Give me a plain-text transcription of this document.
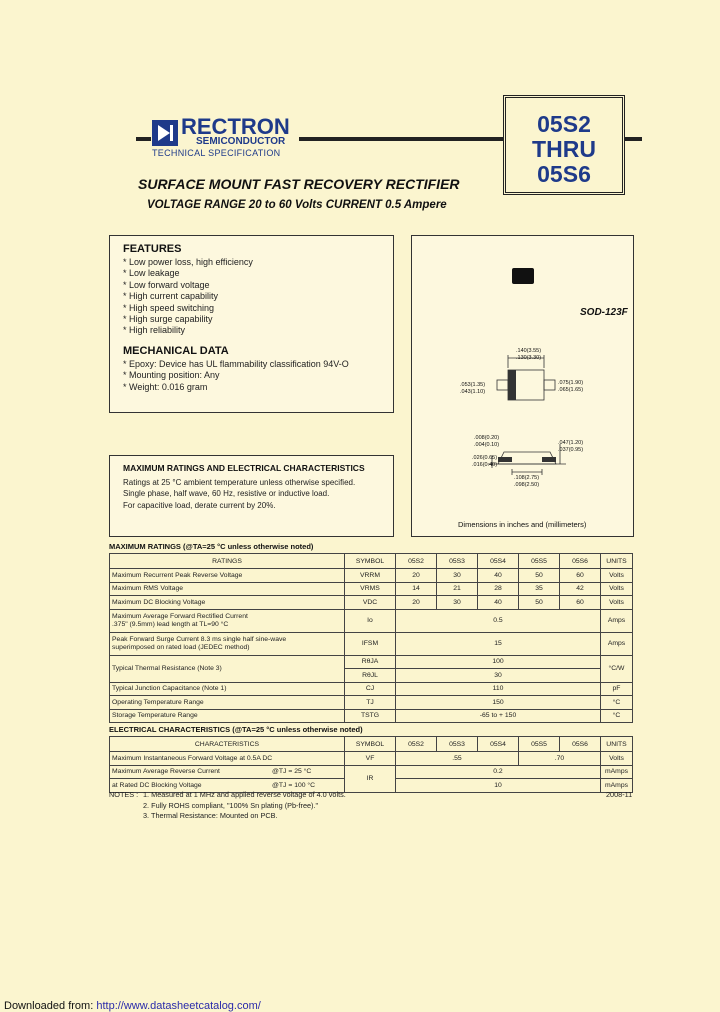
RECTRON
SEMICONDUCTOR
TECHNICAL SPECIFICATION
05S2
THRU
05S6
SURFACE MOUNT FAST RECOVERY RECTIFIER
VOLTAGE RANGE 20 to 60 Volts CURRENT 0.5 Ampere
FEATURES
* Low power loss, high efficiency
* Low leakage
* Low forward voltage
* High current capability
* High speed switching
* High surge capability
* High reliability
MECHANICAL DATA
* Epoxy: Device has UL flammability classification 94V-O
* Mounting position: Any
* Weight: 0.016 gram
MAXIMUM RATINGS AND ELECTRICAL CHARACTERISTICS
Ratings at 25 °C ambient temperature unless otherwise specified.
Single phase, half wave, 60 Hz, resistive or inductive load.
For capacitive load, derate current by 20%.
SOD-123F
.140(3.55)
.130(3.30)
.053(1.35)
.043(1.10)
.075(1.90)
.065(1.65)
.008(0.20)
.004(0.10)	.047(1.20)
.037(0.95)
.026(0.65)
.016(0.40)
.108(2.75)
.098(2.50)
Dimensions in inches and (millimeters)
MAXIMUM RATINGS (@TA=25 °C unless otherwise noted)
RATINGS	SYMBOL	05S2	05S3	05S4	05S5	05S6	UNITS
Maximum Recurrent Peak Reverse Voltage	VRRM	20	30	40	50	60	Volts
Maximum RMS Voltage	VRMS	14	21	28	35	42	Volts
Maximum DC Blocking Voltage	VDC	20	30	40	50	60	Volts

Maximum Average Forward Rectified Current
.375" (9.5mm) lead length at TL=90 °C	Io	0.5					Amps

Peak Forward Surge Current 8.3 ms single half sine-wave
superimposed on rated load (JEDEC method)	IFSM	15					Amps
Typical Thermal Resistance (Note 3)	RθJA	100					°C/W
	RθJL	30					
Typical Junction Capacitance (Note 1)	CJ	110					pF
Operating Temperature Range	TJ	150					°C
Storage Temperature Range	TSTG	-65 to + 150					°C
ELECTRICAL CHARACTERISTICS (@TA=25 °C unless otherwise noted)
CHARACTERISTICS	SYMBOL	05S2	05S3	05S4	05S5	05S6	UNITS
Maximum Instantaneous Forward Voltage at 0.5A DC	VF	.55			.70		Volts
Maximum Average Reverse Current @TJ = 25 °C	IR	0.2					mAmps
at Rated DC Blocking Voltage @TJ = 100 °C		10					mAmps
NOTES : 1. Measured at 1 MHz and applied reverse voltage of 4.0 volts.
2. Fully ROHS compliant, "100% Sn plating (Pb-free)."
3. Thermal Resistance: Mounted on PCB.
2008-11
Downloaded from: http://www.datasheetcatalog.com/
